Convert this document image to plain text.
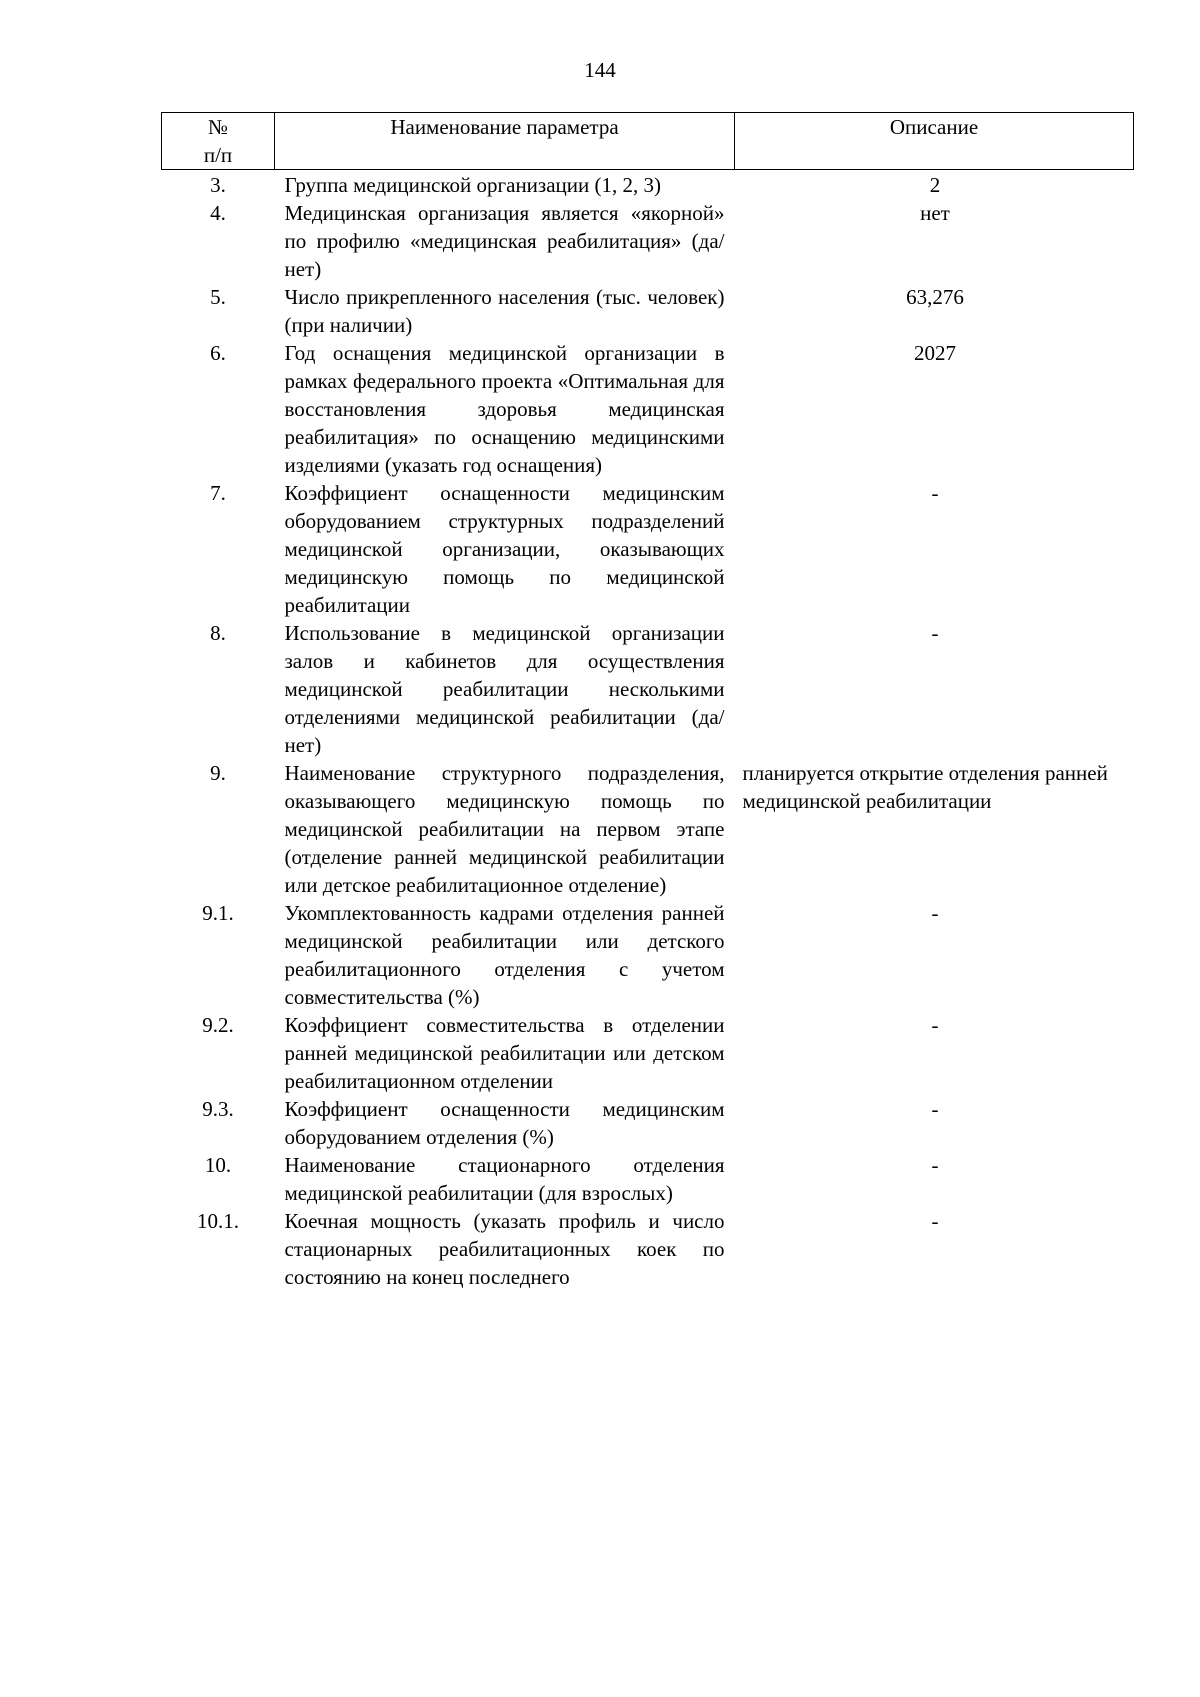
144
№
п/п	Наименование параметра	Описание
3.	Группа медицинской организации (1, 2, 3)	2
4.	Медицинская организация является «якорной» по профилю «медицинская реабилитация» (да/нет)	нет
5.	Число прикрепленного населения (тыс. человек) (при наличии)	63,276
6.	Год оснащения медицинской организации в рамках федерального проекта «Оптимальная для восстановления здоровья медицинская реабилитация» по оснащению медицинскими изделиями (указать год оснащения)	2027
7.	Коэффициент оснащенности медицинским оборудованием структурных подразделений медицинской организации, оказывающих медицинскую помощь по медицинской реабилитации	-
8.	Использование в медицинской организации залов и кабинетов для осуществления медицинской реабилитации несколькими отделениями медицинской реабилитации (да/нет)	-
9.	Наименование структурного подразделения, оказывающего медицинскую помощь по медицинской реабилитации на первом этапе (отделение ранней медицинской реабилитации или детское реабилитационное отделение)	планируется открытие отделения ранней медицинской реабилитации
9.1.	Укомплектованность кадрами отделения ранней медицинской реабилитации или детского реабилитационного отделения с учетом совместительства (%)	-
9.2.	Коэффициент совместительства в отделении ранней медицинской реабилитации или детском реабилитационном отделении	-
9.3.	Коэффициент оснащенности медицинским оборудованием отделения (%)	-
10.	Наименование стационарного отделения медицинской реабилитации (для взрослых)	-
10.1.	Коечная мощность (указать профиль и число стационарных реабилитационных коек по состоянию на конец последнего	-
